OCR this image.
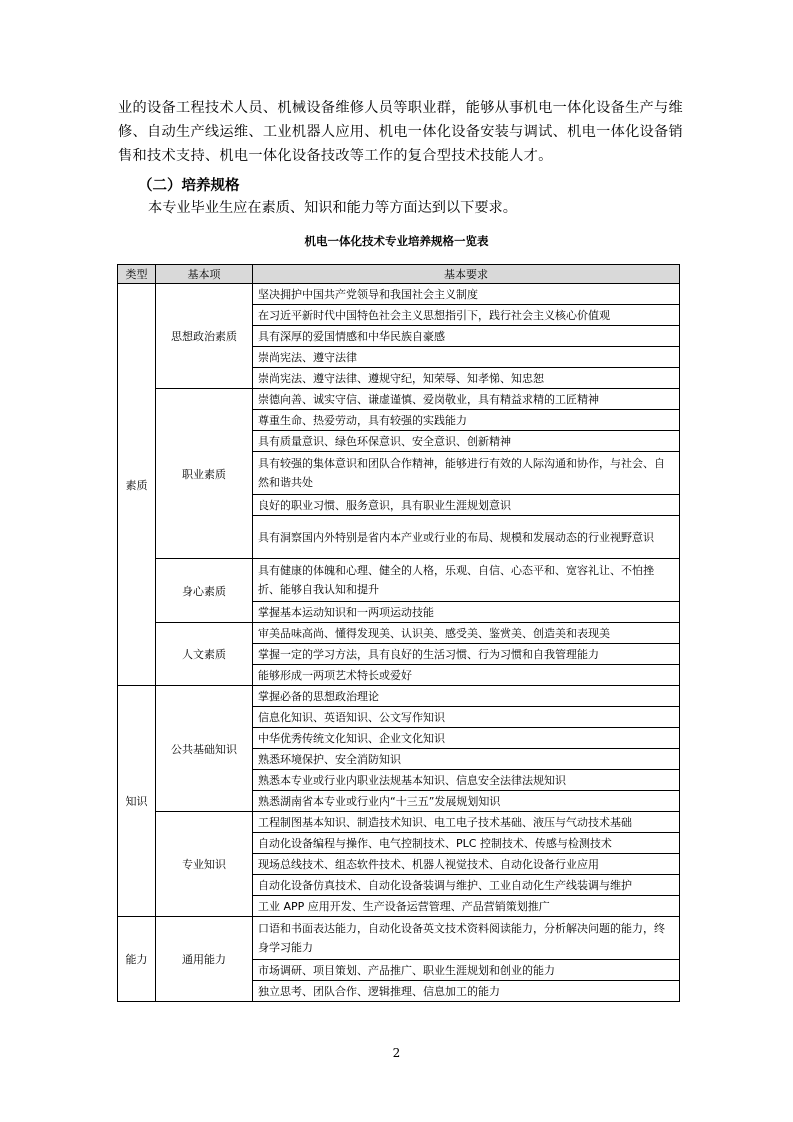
业的设备工程技术人员、机械设备维修人员等职业群，能够从事机电一体化设备生产与维修、自动生产线运维、工业机器人应用、机电一体化设备安装与调试、机电一体化设备销售和技术支持、机电一体化设备技改等工作的复合型技术技能人才。
（二）培养规格
本专业毕业生应在素质、知识和能力等方面达到以下要求。
机电一体化技术专业培养规格一览表
类型	基本项	基本要求
素质	思想政治素质	坚决拥护中国共产党领导和我国社会主义制度
		在习近平新时代中国特色社会主义思想指引下，践行社会主义核心价值观
		具有深厚的爱国情感和中华民族自豪感
		崇尚宪法、遵守法律
		崇尚宪法、遵守法律、遵规守纪，知荣辱、知孝悌、知忠恕
	职业素质	崇德向善、诚实守信、谦虚谨慎、爱岗敬业，具有精益求精的工匠精神
		尊重生命、热爱劳动，具有较强的实践能力
		具有质量意识、绿色环保意识、安全意识、创新精神
		具有较强的集体意识和团队合作精神，能够进行有效的人际沟通和协作，与社会、自然和谐共处
		良好的职业习惯、服务意识，具有职业生涯规划意识
		具有洞察国内外特别是省内本产业或行业的布局、规模和发展动态的行业视野意识
	身心素质	具有健康的体魄和心理、健全的人格，乐观、自信、心态平和、宽容礼让、不怕挫折、能够自我认知和提升
		掌握基本运动知识和一两项运动技能
	人文素质	审美品味高尚、懂得发现美、认识美、感受美、鉴赏美、创造美和表现美
		掌握一定的学习方法，具有良好的生活习惯、行为习惯和自我管理能力
		能够形成一两项艺术特长或爱好
知识	公共基础知识	掌握必备的思想政治理论
		信息化知识、英语知识、公文写作知识
		中华优秀传统文化知识、企业文化知识
		熟悉环境保护、安全消防知识
		熟悉本专业或行业内职业法规基本知识、信息安全法律法规知识
		熟悉湖南省本专业或行业内“十三五”发展规划知识
	专业知识	工程制图基本知识、制造技术知识、电工电子技术基础、液压与气动技术基础
		自动化设备编程与操作、电气控制技术、PLC 控制技术、传感与检测技术
		现场总线技术、组态软件技术、机器人视觉技术、自动化设备行业应用
		自动化设备仿真技术、自动化设备装调与维护、工业自动化生产线装调与维护
		工业 APP 应用开发、生产设备运营管理、产品营销策划推广
能力	通用能力	口语和书面表达能力，自动化设备英文技术资料阅读能力，分析解决问题的能力，终身学习能力
		市场调研、项目策划、产品推广、职业生涯规划和创业的能力
		独立思考、团队合作、逻辑推理、信息加工的能力
2
